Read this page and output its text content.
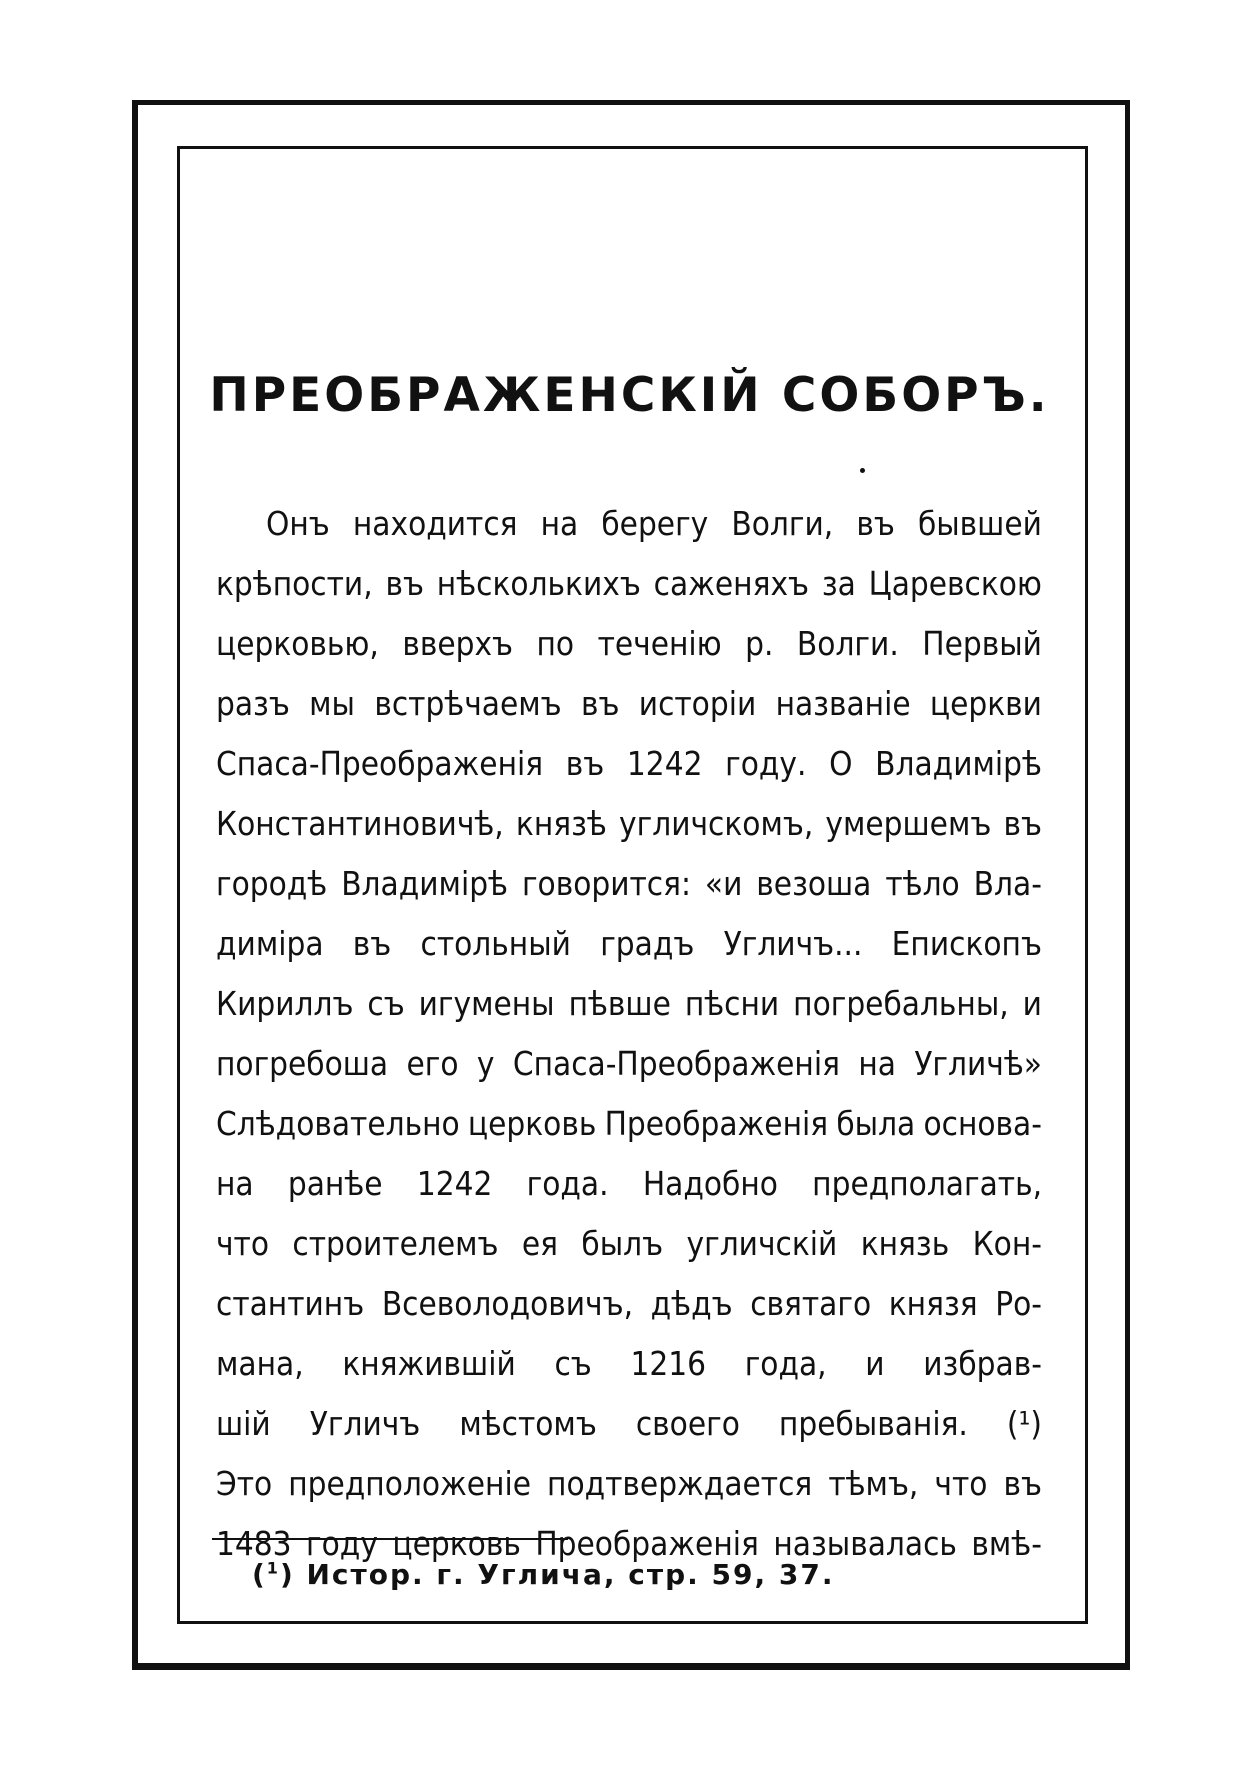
ПРЕОБРАЖЕНСКІЙ СОБОРЪ.
Онъ находится на берегу Волги, въ бывшей
крѣпости, въ нѣсколькихъ саженяхъ за Царевскою
церковью, вверхъ по теченію р. Волги. Первый
разъ мы встрѣчаемъ въ исторіи названіе церкви
Спаса-Преображенія въ 1242 году. О Владимірѣ
Константиновичѣ, князѣ угличскомъ, умершемъ въ
городѣ Владимірѣ говорится: «и везоша тѣло Вла-
диміра въ стольный градъ Угличъ... Епископъ
Кириллъ съ игумены пѣвше пѣсни погребальны, и
погребоша его у Спаса-Преображенія на Угличѣ»
Слѣдовательно церковь Преображенія была основа-
на ранѣе 1242 года. Надобно предполагать,
что строителемъ ея былъ угличскій князь Кон-
стантинъ Всеволодовичъ, дѣдъ святаго князя Ро-
мана, княжившій съ 1216 года, и избрав-
шій Угличъ мѣстомъ своего пребыванія. (¹)
Это предположеніе подтверждается тѣмъ, что въ
1483 году церковь Преображенія называлась вмѣ-

($^1$) Истор. г. Углича, стр. 59, 37.
